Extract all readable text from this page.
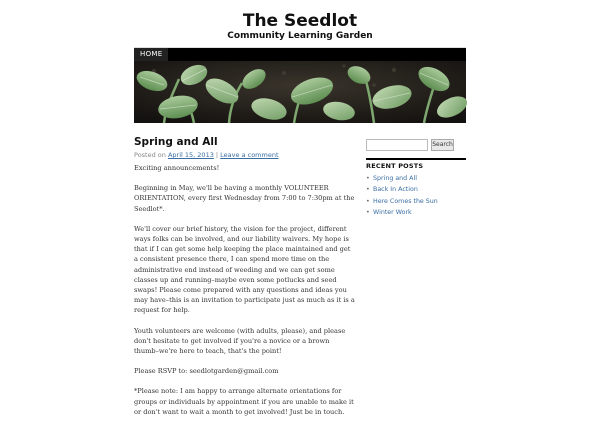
The Seedlot
Community Learning Garden
HOME
Spring and All
Posted on April 15, 2013 | Leave a comment

Exciting announcements!

Beginning in May, we'll be having a monthly VOLUNTEER ORIENTATION, every first Wednesday from 7:00 to 7:30pm at the Seedlot*.

We'll cover our brief history, the vision for the project, different ways folks can be involved, and our liability waivers. My hope is that if I can get some help keeping the place maintained and get a consistent presence there, I can spend more time on the administrative end instead of weeding and we can get some classes up and running–maybe even some potlucks and seed swaps! Please come prepared with any questions and ideas you may have–this is an invitation to participate just as much as it is a request for help.

Youth volunteers are welcome (with adults, please), and please don't hesitate to get involved if you're a novice or a brown thumb–we're here to teach, that's the point!

Please RSVP to: seedlotgarden@gmail.com

*Please note: I am happy to arrange alternate orientations for groups or individuals by appointment if you are unable to make it or don't want to wait a month to get involved! Just be in touch.

Search
RECENT POSTS
• Spring and All
• Back In Action
• Here Comes the Sun
• Winter Work
